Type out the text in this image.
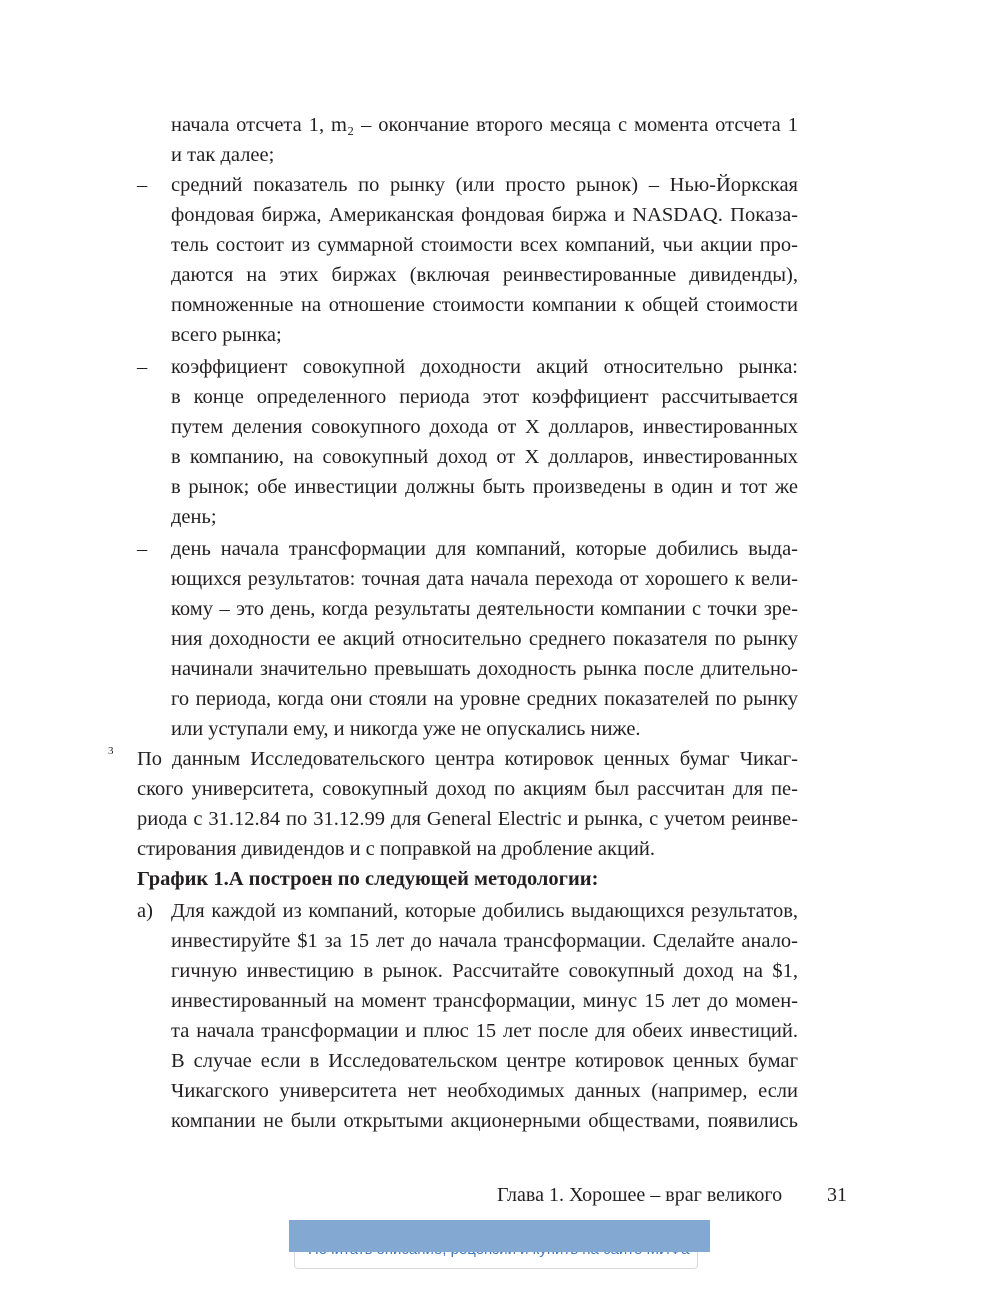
начала отсчета 1, m₂ – окончание второго месяца с момента отсчета 1
и так далее;
– средний показатель по рынку (или просто рынок) – Нью-Йоркская
фондовая биржа, Американская фондовая биржа и NASDAQ. Показа-
тель состоит из суммарной стоимости всех компаний, чьи акции про-
даются на этих биржах (включая реинвестированные дивиденды),
помноженные на отношение стоимости компании к общей стоимости
всего рынка;
– коэффициент совокупной доходности акций относительно рынка:
в конце определенного периода этот коэффициент рассчитывается
путем деления совокупного дохода от X долларов, инвестированных
в компанию, на совокупный доход от X долларов, инвестированных
в рынок; обе инвестиции должны быть произведены в один и тот же
день;
– день начала трансформации для компаний, которые добились выда-
ющихся результатов: точная дата начала перехода от хорошего к вели-
кому – это день, когда результаты деятельности компании с точки зре-
ния доходности ее акций относительно среднего показателя по рынку
начинали значительно превышать доходность рынка после длительно-
го периода, когда они стояли на уровне средних показателей по рынку
или уступали ему, и никогда уже не опускались ниже.
3 По данным Исследовательского центра котировок ценных бумаг Чикаг-
ского университета, совокупный доход по акциям был рассчитан для пе-
риода с 31.12.84 по 31.12.99 для General Electric и рынка, с учетом реинве-
стирования дивидендов и с поправкой на дробление акций.
График 1.А построен по следующей методологии:
а) Для каждой из компаний, которые добились выдающихся результатов,
инвестируйте $1 за 15 лет до начала трансформации. Сделайте анало-
гичную инвестицию в рынок. Рассчитайте совокупный доход на $1,
инвестированный на момент трансформации, минус 15 лет до момен-
та начала трансформации и плюс 15 лет после для обеих инвестиций.
В случае если в Исследовательском центре котировок ценных бумаг
Чикагского университета нет необходимых данных (например, если
компании не были открытыми акционерными обществами, появились
Глава 1. Хорошее – враг великого 31
